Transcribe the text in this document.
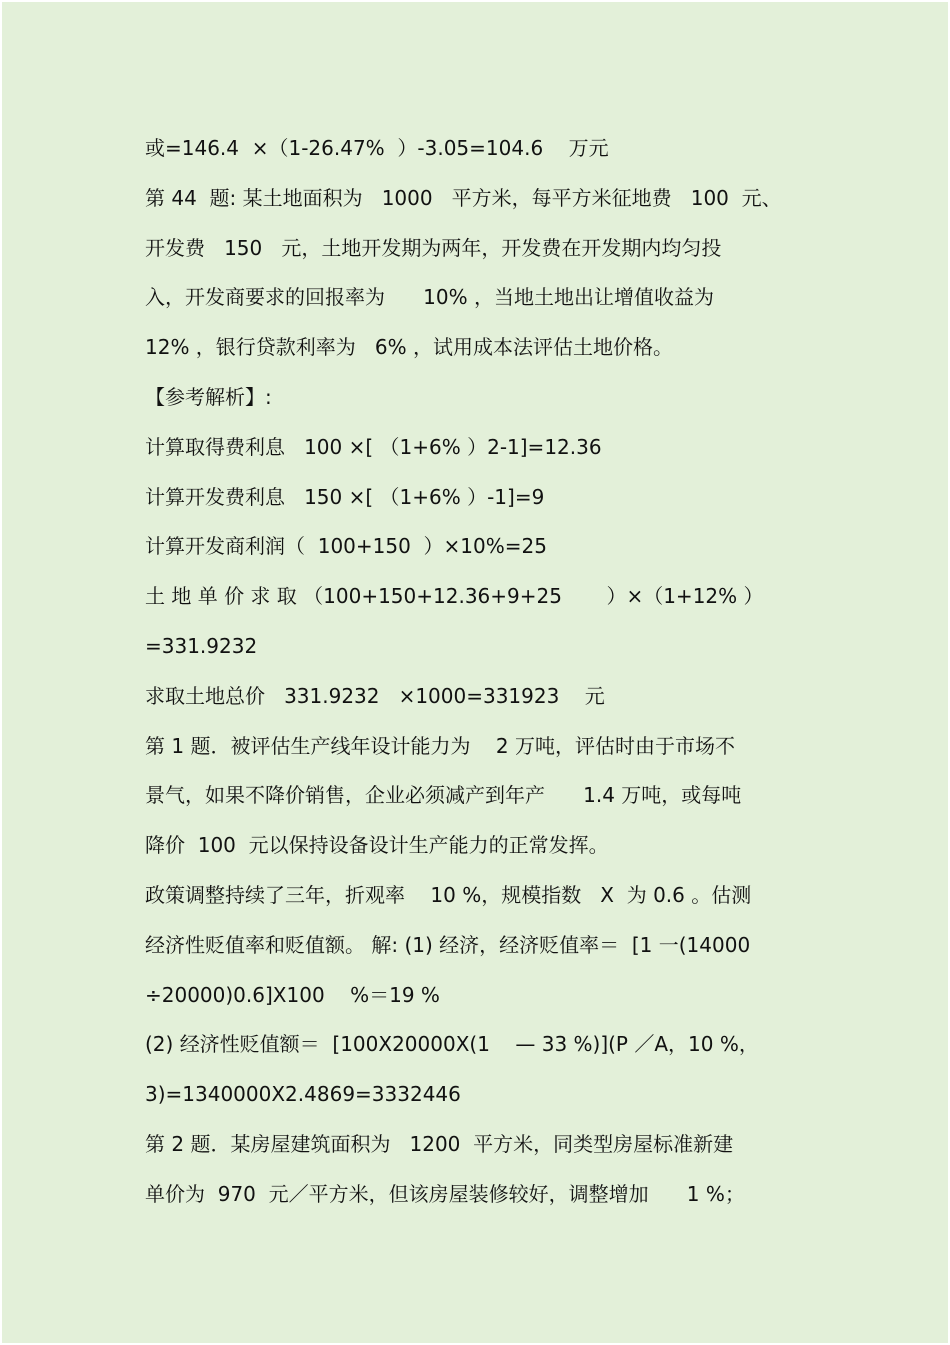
或=146.4  ×（1-26.47%  ）-3.05=104.6    万元
第 44  题: 某土地面积为   1000   平方米，每平方米征地费   100  元、
开发费   150   元，土地开发期为两年，开发费在开发期内均匀投
入，开发商要求的回报率为      10% ，当地土地出让增值收益为
12% ，银行贷款利率为   6% ，试用成本法评估土地价格。
【参考解析】:
计算取得费利息   100 ×[ （1+6% ）2-1]=12.36
计算开发费利息   150 ×[ （1+6% ）-1]=9
计算开发商利润（  100+150  ）×10%=25
土 地 单 价 求 取 （100+150+12.36+9+25       ）×（1+12% ）
=331.9232
求取土地总价   331.9232   ×1000=331923    元
第 1 题．被评估生产线年设计能力为    2 万吨，评估时由于市场不
景气，如果不降价销售，企业必须减产到年产      1.4 万吨，或每吨
降价  100  元以保持设备设计生产能力的正常发挥。
政策调整持续了三年，折观率    10 %，规模指数   X  为 0.6 。估测
经济性贬值率和贬值额。 解: (1) 经济，经济贬值率＝  [1 一(14000
÷20000)0.6]X100    %＝19 %
(2) 经济性贬值额＝  [100X20000X(1    — 33 %)](P ／A，10 %，
3)=1340000X2.4869=3332446
第 2 题．某房屋建筑面积为   1200  平方米，同类型房屋标准新建
单价为  970  元／平方米，但该房屋装修较好，调整增加      1 %；
